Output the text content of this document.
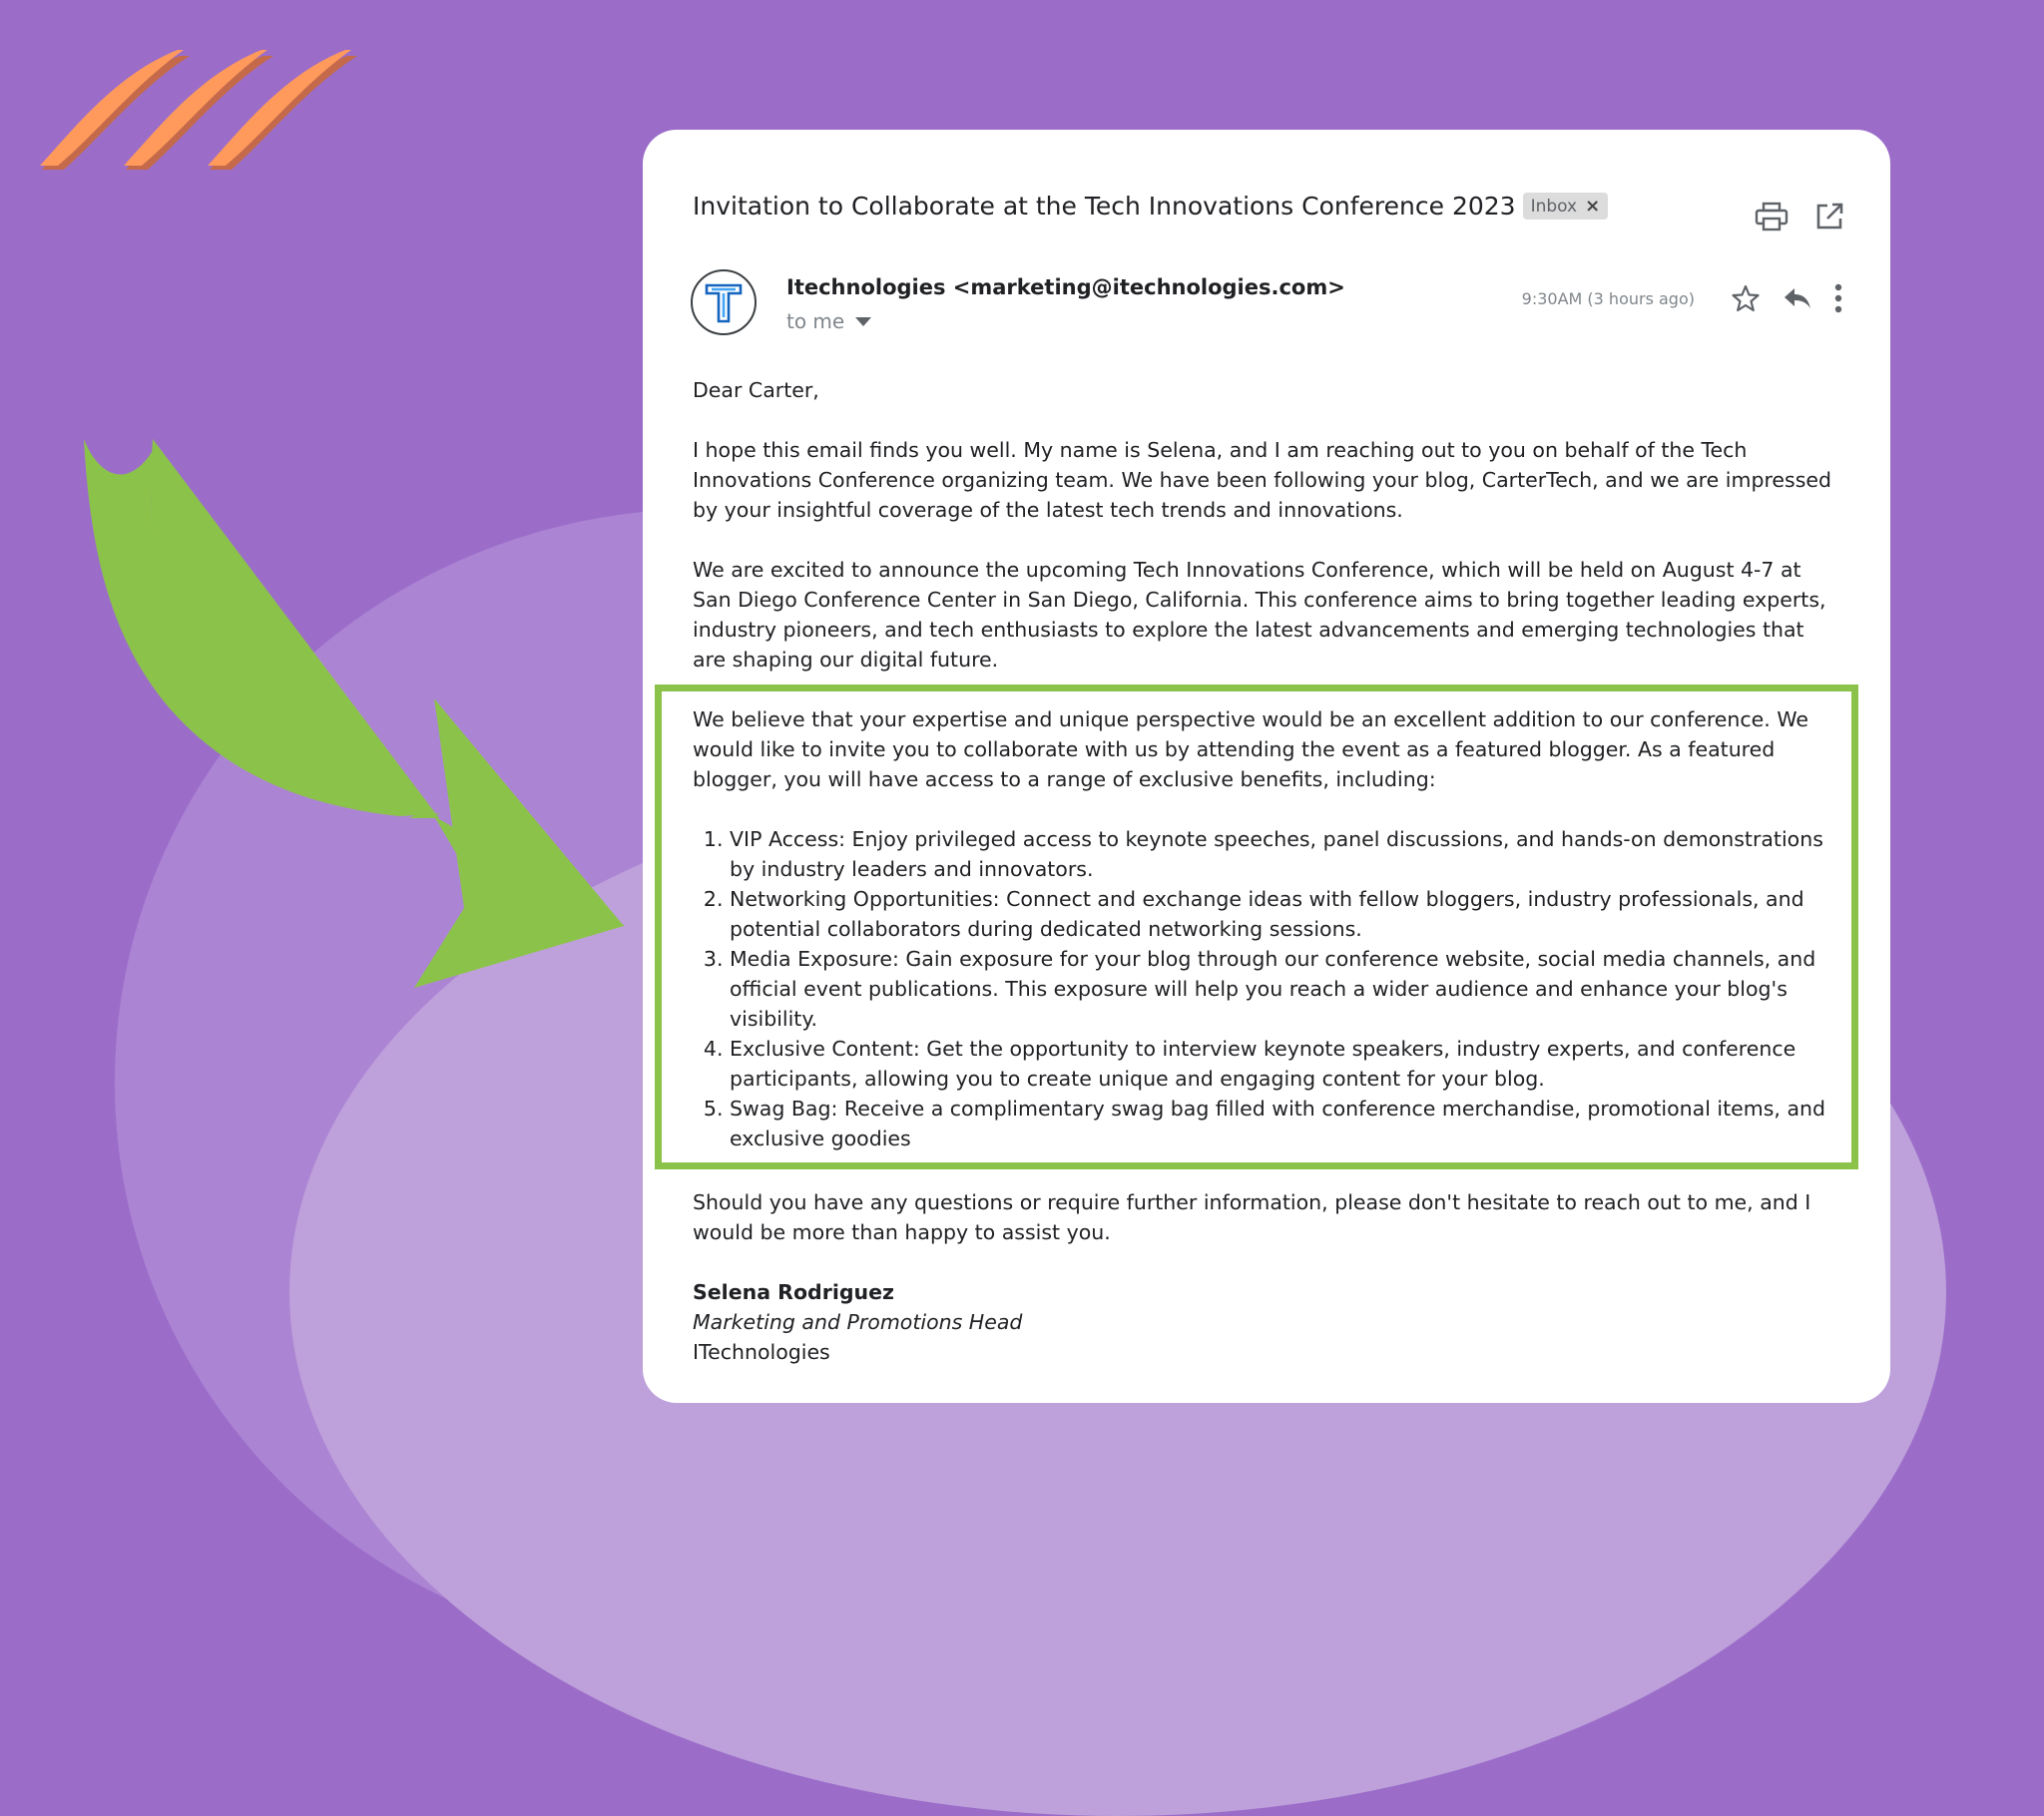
Invitation to Collaborate at the Tech Innovations Conference 2023 Inbox ×
Itechnologies <marketing@itechnologies.com>
to me
9:30AM (3 hours ago)

Dear Carter,

I hope this email finds you well. My name is Selena, and I am reaching out to you on behalf of the Tech Innovations Conference organizing team. We have been following your blog, CarterTech, and we are impressed by your insightful coverage of the latest tech trends and innovations.

We are excited to announce the upcoming Tech Innovations Conference, which will be held on August 4-7 at San Diego Conference Center in San Diego, California. This conference aims to bring together leading experts, industry pioneers, and tech enthusiasts to explore the latest advancements and emerging technologies that are shaping our digital future.

We believe that your expertise and unique perspective would be an excellent addition to our conference. We would like to invite you to collaborate with us by attending the event as a featured blogger. As a featured blogger, you will have access to a range of exclusive benefits, including:

1. VIP Access: Enjoy privileged access to keynote speeches, panel discussions, and hands-on demonstrations by industry leaders and innovators.
2. Networking Opportunities: Connect and exchange ideas with fellow bloggers, industry professionals, and potential collaborators during dedicated networking sessions.
3. Media Exposure: Gain exposure for your blog through our conference website, social media channels, and official event publications. This exposure will help you reach a wider audience and enhance your blog's visibility.
4. Exclusive Content: Get the opportunity to interview keynote speakers, industry experts, and conference participants, allowing you to create unique and engaging content for your blog.
5. Swag Bag: Receive a complimentary swag bag filled with conference merchandise, promotional items, and exclusive goodies

Should you have any questions or require further information, please don't hesitate to reach out to me, and I would be more than happy to assist you.

Selena Rodriguez

Marketing and Promotions Head

ITechnologies
